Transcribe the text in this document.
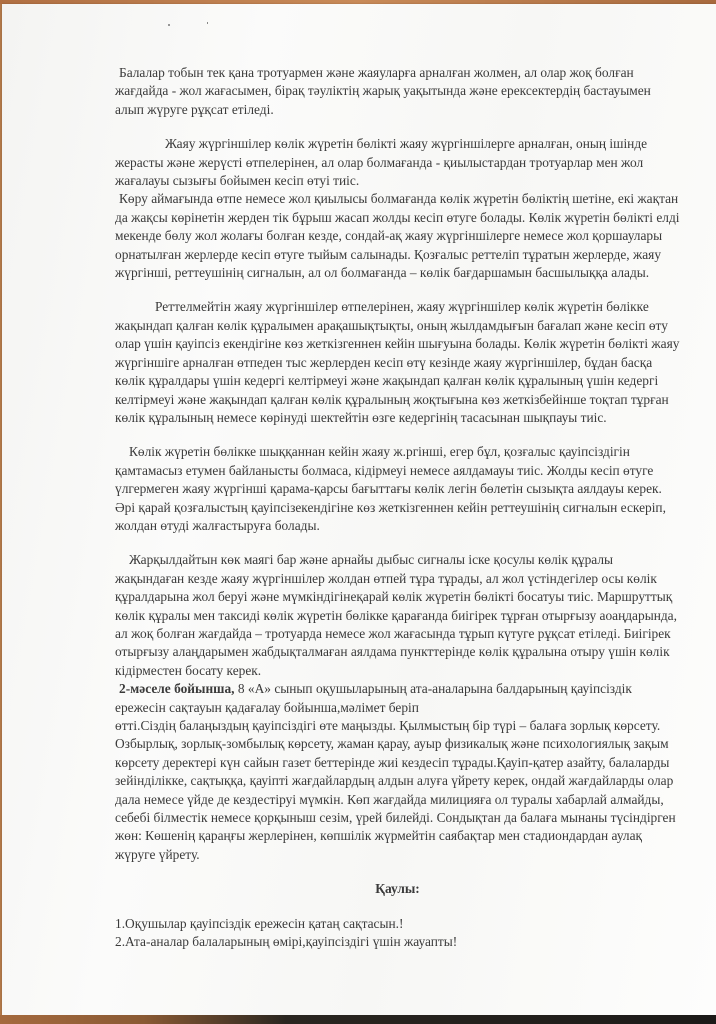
Балалар тобын тек қана тротуармен және жаяуларға арналған жолмен, ал олар жоқ болған жағдайда - жол жағасымен, бірақ тәуліктің жарық уақытында және ерексектердің бастауымен алып жүруге рұқсат етіледі.

Жаяу жүргіншілер көлік жүретін бөлікті жаяу жүргіншілерге арналған, оның ішінде жерасты және жерүсті өтпелерінен, ал олар болмағанда - қиылыстардан тротуарлар мен жол жағалауы сызығы бойымен кесіп өтуі тиіс.

Көру аймағында өтпе немесе жол қиылысы болмағанда көлік жүретін бөліктің шетіне, екі жақтан да жақсы көрінетін жерден тік бұрыш жасап жолды кесіп өтуге болады. Көлік жүретін бөлікті елді мекенде бөлу жол жолағы болған кезде, сондай-ақ жаяу жүргіншілерге немесе жол қоршаулары орнатылған жерлерде кесіп өтуге тыйым салынады. Қозғалыс реттеліп тұратын жерлерде, жаяу жүргінші, реттеушінің сигналын, ал ол болмағанда – көлік бағдаршамын басшылыққа алады.

Реттелмейтін жаяу жүргіншілер өтпелерінен, жаяу жүргіншілер көлік жүретін бөлікке жақындап қалған көлік құралымен арақашықтықты, оның жылдамдығын бағалап және кесіп өту олар үшін қауіпсіз екендігіне көз жеткізгеннен кейін шығуына болады. Көлік жүретін бөлікті жаяу жүргіншіге арналған өтпеден тыс жерлерден кесіп өтү кезінде жаяу жүргіншілер, бұдан басқа көлік құралдары үшін кедергі келтірмеуі және жақындап қалған көлік құралының үшін кедергі келтірмеуі және жақындап қалған көлік құралының жоқтығына көз жеткізбейінше тоқтап тұрған көлік құралының немесе көрінуді шектейтін өзге кедергінің тасасынан шықпауы тиіс.

Көлік жүретін бөлікке шыққаннан кейін жаяу ж.ргінші, егер бұл, қозғалыс қауіпсіздігін қамтамасыз етумен байланысты болмаса, кідірмеуі немесе аялдамауы тиіс. Жолды кесіп өтуге үлгермеген жаяу жүргінші қарама-қарсы бағыттағы көлік легін бөлетін сызықта аялдауы керек. Әрі қарай қозғалыстың қауіпсізекендігіне көз жеткізгеннен кейін реттеушінің сигналын ескеріп, жолдан өтуді жалғастыруға болады.

Жарқылдайтын көк маягі бар және арнайы дыбыс сигналы іске қосулы көлік құралы жақындаған кезде жаяу жүргіншілер жолдан өтпей тұра тұрады, ал жол үстіндегілер осы көлік құралдарына жол беруі және мүмкіндігінеқарай көлік жүретін бөлікті босатуы тиіс. Маршруттық көлік құралы мен таксиді көлік жүретін бөлікке қарағанда биігірек тұрған отырғызу аоаңдарында, ал жоқ болған жағдайда – тротуарда немесе жол жағасында тұрып күтуге рұқсат етіледі. Биігірек отырғызу алаңдарымен жабдықталмаған аялдама пункттерінде көлік құралына отыру үшін көлік кідірместен босату керек.

2-мәселе бойынша, 8 «А» сынып оқушыларының ата-аналарына балдарының қауіпсіздік ережесін сақтауын қадағалау бойынша,мәлімет беріп

өтті.Сіздің балаңыздың қауіпсіздігі өте маңызды. Қылмыстың бір түрі – балаға зорлық көрсету. Озбырлық, зорлық-зомбылық көрсету, жаман қарау, ауыр физикалық және психологиялық зақым көрсету деректері күн сайын газет беттерінде жиі кездесіп тұрады.Қауіп-қатер азайту, балаларды зейінділікке, сақтыққа, қауіпті жағдайлардың алдын алуға үйрету керек, ондай жағдайларды олар дала немесе үйде де кездестіруі мүмкін. Көп жағдайда милицияға ол туралы хабарлай алмайды, себебі білместік немесе қорқыныш сезім, үрей билейді. Сондықтан да балаға мынаны түсіндірген жөн: Көшенің қараңғы жерлерінен, көпшілік жүрмейтін саябақтар мен стадиондардан аулақ жүруге үйрету.

Қаулы:

1.Оқушылар қауіпсіздік ережесін қатаң сақтасын.!

2.Ата-аналар балаларының өмірі,қауіпсіздігі үшін жауапты!
